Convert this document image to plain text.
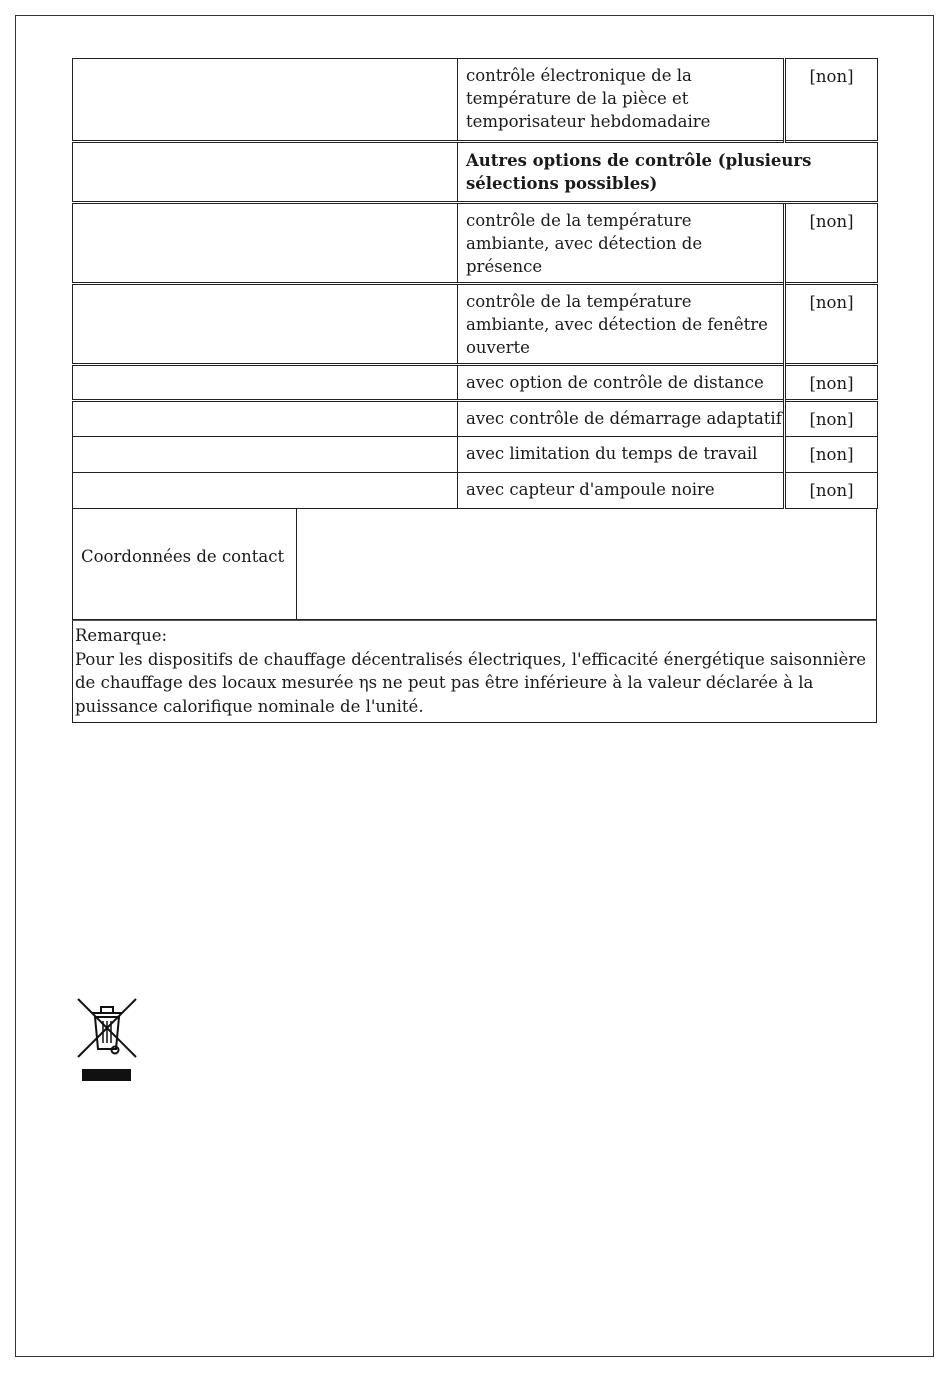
	contrôle électronique de la température de la pièce et temporisateur hebdomadaire	[non]
	Autres options de contrôle (plusieurs sélections possibles)	
	contrôle de la température ambiante, avec détection de présence	[non]
	contrôle de la température ambiante, avec détection de fenêtre ouverte	[non]
	avec option de contrôle de distance	[non]
	avec contrôle de démarrage adaptatif	[non]
	avec limitation du temps de travail	[non]
	avec capteur d'ampoule noire	[non]
Coordonnées de contact
Remarque:
Pour les dispositifs de chauffage décentralisés électriques, l'efficacité énergétique saisonnière de chauffage des locaux mesurée ηs ne peut pas être inférieure à la valeur déclarée à la puissance calorifique nominale de l'unité.
